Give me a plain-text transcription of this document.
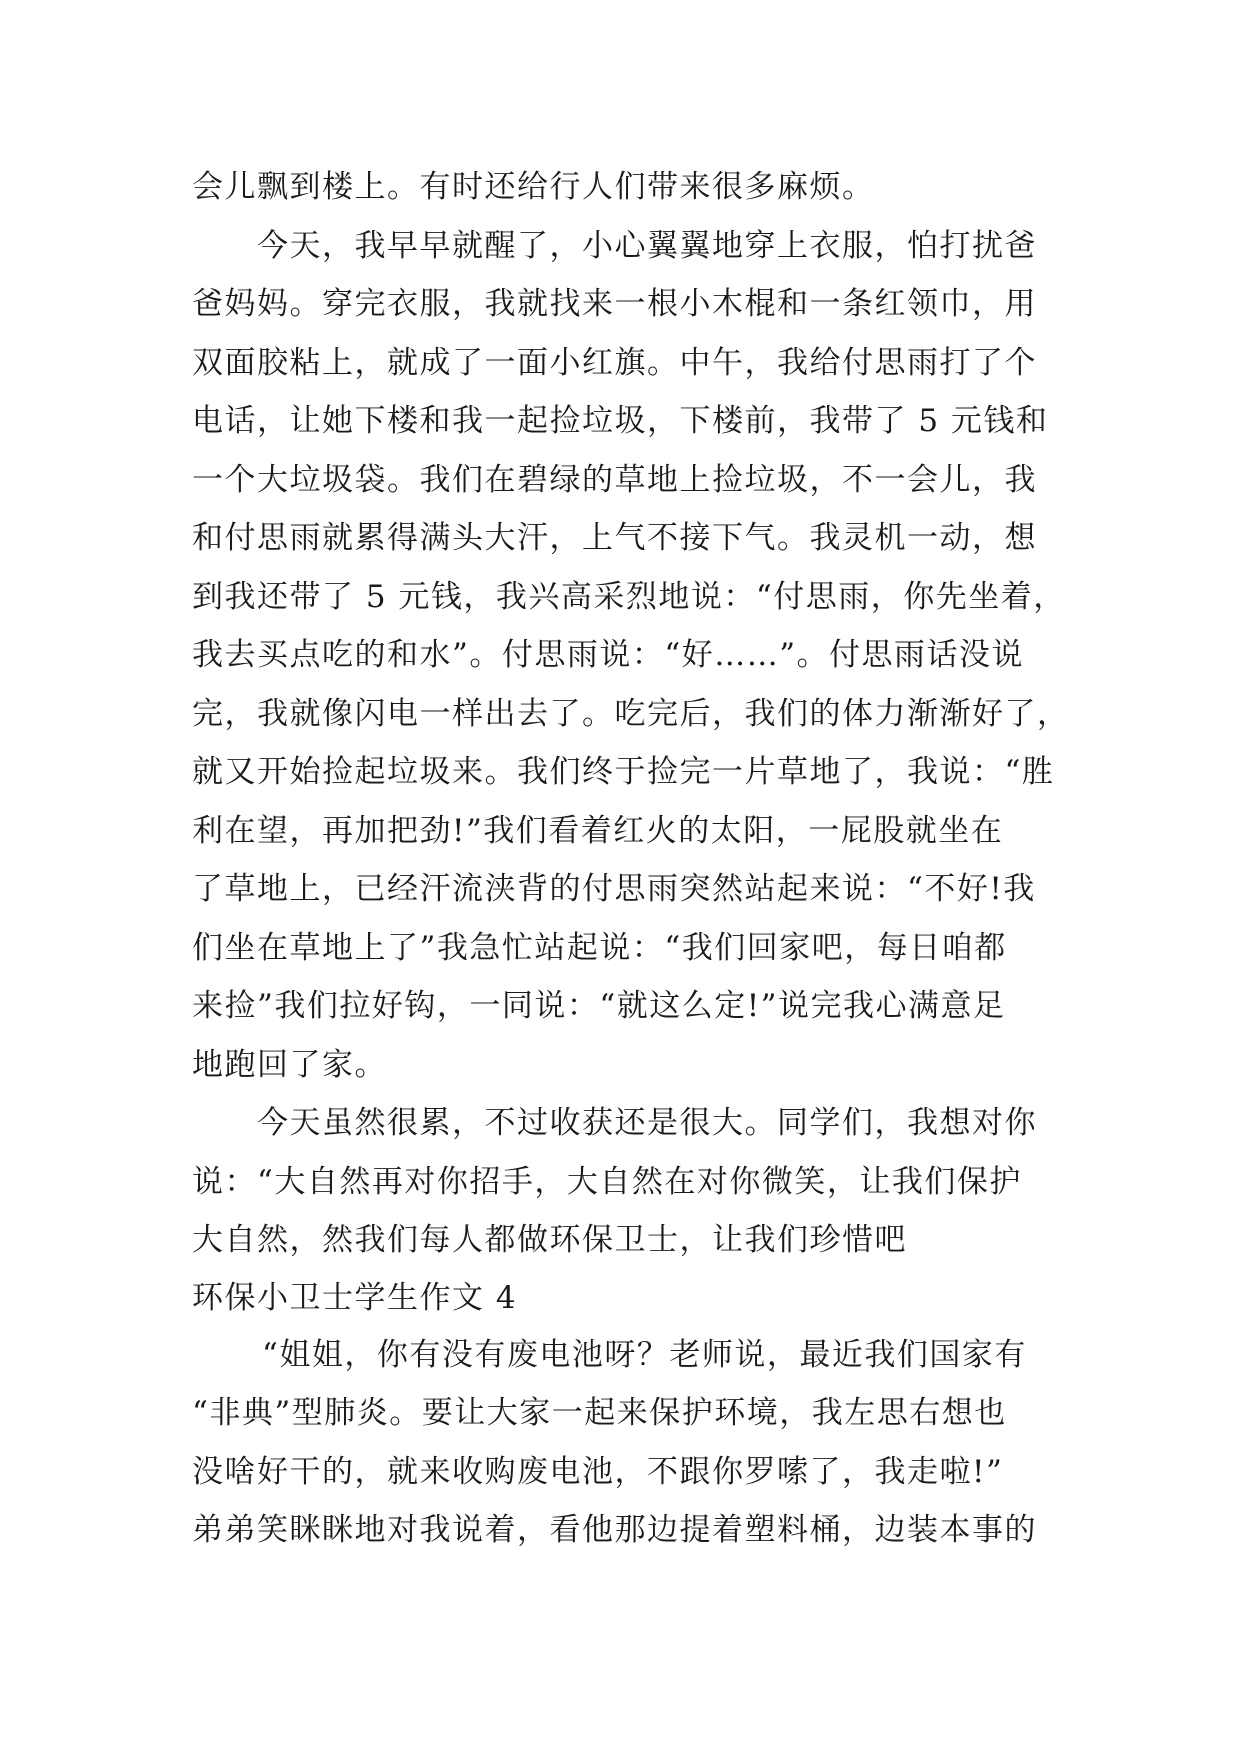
会儿飘到楼上。有时还给行人们带来很多麻烦。
今天，我早早就醒了，小心翼翼地穿上衣服，怕打扰爸
爸妈妈。穿完衣服，我就找来一根小木棍和一条红领巾，用
双面胶粘上，就成了一面小红旗。中午，我给付思雨打了个
电话，让她下楼和我一起捡垃圾，下楼前，我带了 5 元钱和
一个大垃圾袋。我们在碧绿的草地上捡垃圾，不一会儿，我
和付思雨就累得满头大汗，上气不接下气。我灵机一动，想
到我还带了 5 元钱，我兴高采烈地说：“付思雨，你先坐着，
我去买点吃的和水”。付思雨说：“好……”。付思雨话没说
完，我就像闪电一样出去了。吃完后，我们的体力渐渐好了，
就又开始捡起垃圾来。我们终于捡完一片草地了，我说：“胜
利在望，再加把劲!”我们看着红火的太阳，一屁股就坐在
了草地上，已经汗流浃背的付思雨突然站起来说：“不好!我
们坐在草地上了”我急忙站起说：“我们回家吧，每日咱都
来捡”我们拉好钩，一同说：“就这么定!”说完我心满意足
地跑回了家。
今天虽然很累，不过收获还是很大。同学们，我想对你
说：“大自然再对你招手，大自然在对你微笑，让我们保护
大自然，然我们每人都做环保卫士，让我们珍惜吧
环保小卫士学生作文 4
“姐姐，你有没有废电池呀？老师说，最近我们国家有
“非典”型肺炎。要让大家一起来保护环境，我左思右想也
没啥好干的，就来收购废电池，不跟你罗嗦了，我走啦!”
弟弟笑眯眯地对我说着，看他那边提着塑料桶，边装本事的
